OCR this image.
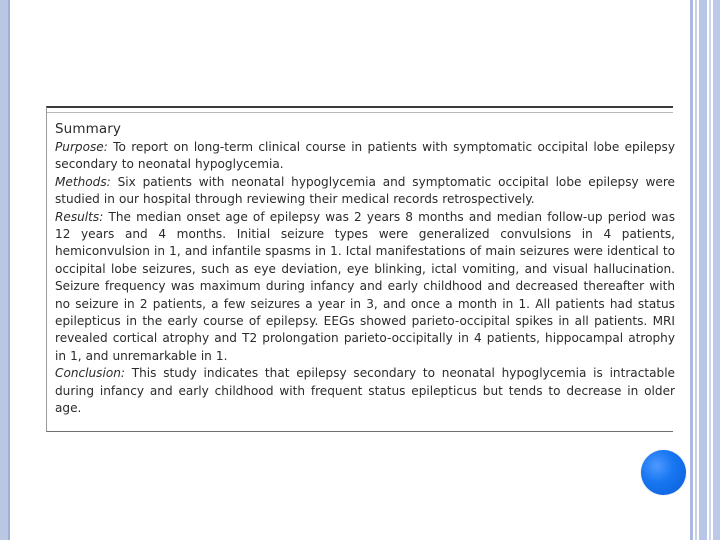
Summary
Purpose: To report on long-term clinical course in patients with symptomatic occipital lobe epilepsy secondary to neonatal hypoglycemia.
Methods: Six patients with neonatal hypoglycemia and symptomatic occipital lobe epilepsy were studied in our hospital through reviewing their medical records retrospectively.
Results: The median onset age of epilepsy was 2 years 8 months and median follow-up period was 12 years and 4 months. Initial seizure types were generalized convulsions in 4 patients, hemiconvulsion in 1, and infantile spasms in 1. Ictal manifestations of main seizures were identical to occipital lobe seizures, such as eye deviation, eye blinking, ictal vomiting, and visual hallucination. Seizure frequency was maximum during infancy and early childhood and decreased thereafter with no seizure in 2 patients, a few seizures a year in 3, and once a month in 1. All patients had status epilepticus in the early course of epilepsy. EEGs showed parieto-occipital spikes in all patients. MRI revealed cortical atrophy and T2 prolongation parieto-occipitally in 4 patients, hippocampal atrophy in 1, and unremarkable in 1.
Conclusion: This study indicates that epilepsy secondary to neonatal hypoglycemia is intractable during infancy and early childhood with frequent status epilepticus but tends to decrease in older age.
